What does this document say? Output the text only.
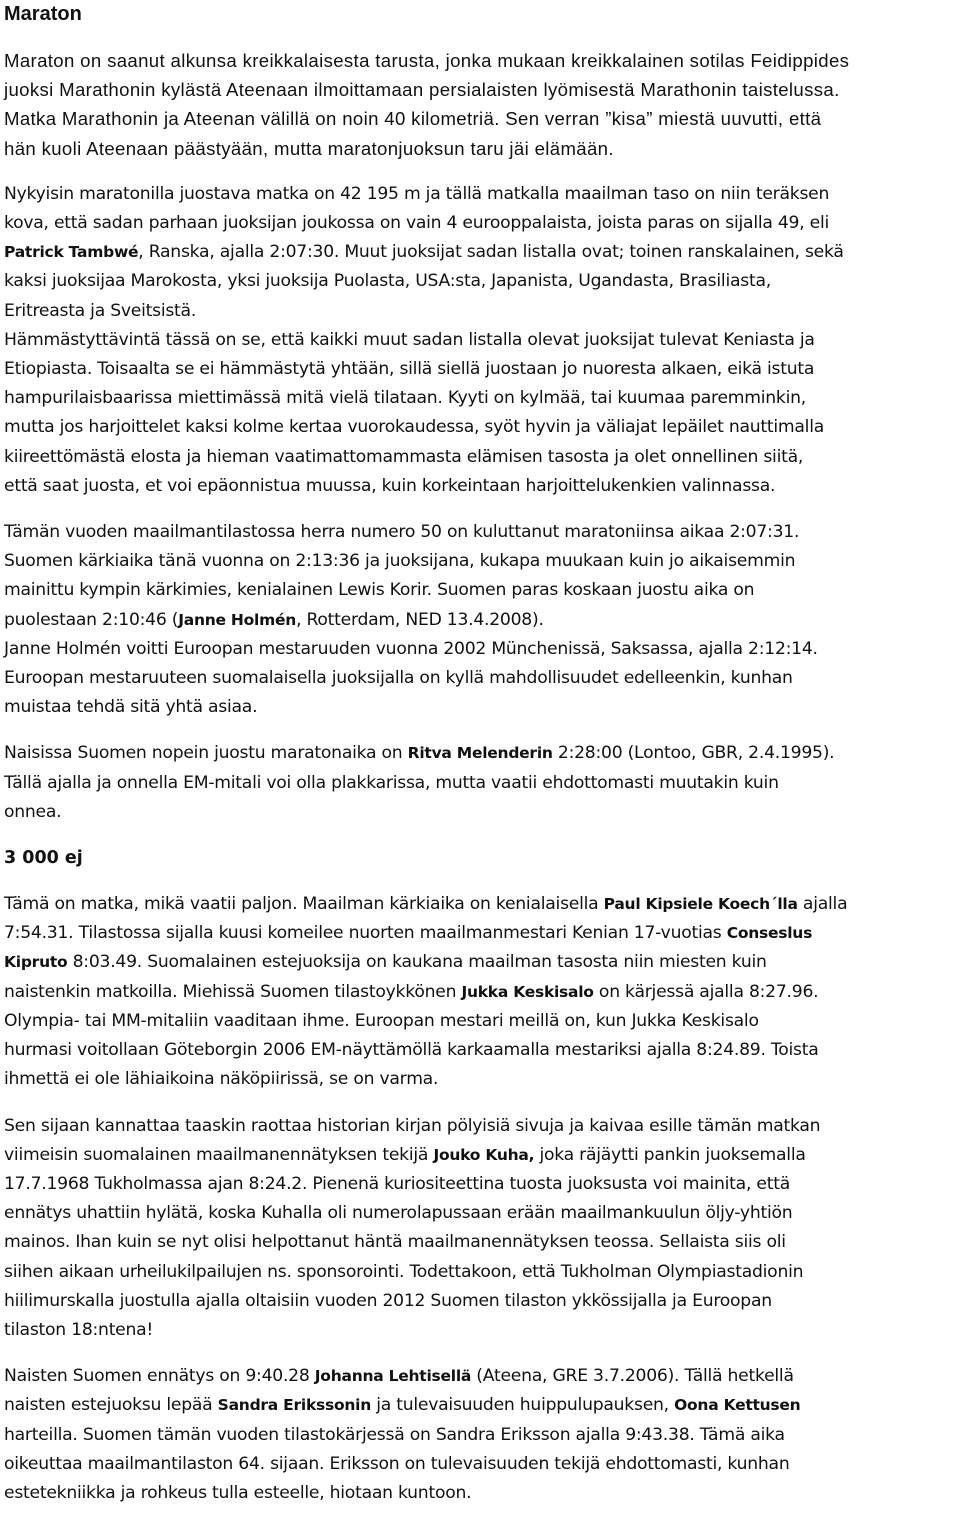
Maraton

Maraton on saanut alkunsa kreikkalaisesta tarusta, jonka mukaan kreikkalainen sotilas Feidippides
juoksi Marathonin kylästä Ateenaan ilmoittamaan persialaisten lyömisestä Marathonin taistelussa.
Matka Marathonin ja Ateenan välillä on noin 40 kilometriä. Sen verran ”kisa” miestä uuvutti, että
hän kuoli Ateenaan päästyään, mutta maratonjuoksun taru jäi elämään.

Nykyisin maratonilla juostava matka on 42 195 m ja tällä matkalla maailman taso on niin teräksen
kova, että sadan parhaan juoksijan joukossa on vain 4 eurooppalaista, joista paras on sijalla 49, eli
Patrick Tambwé, Ranska, ajalla 2:07:30. Muut juoksijat sadan listalla ovat; toinen ranskalainen, sekä
kaksi juoksijaa Marokosta, yksi juoksija Puolasta, USA:sta, Japanista, Ugandasta, Brasiliasta,
Eritreasta ja Sveitsistä.
Hämmästyttävintä tässä on se, että kaikki muut sadan listalla olevat juoksijat tulevat Keniasta ja
Etiopiasta. Toisaalta se ei hämmästytä yhtään, sillä siellä juostaan jo nuoresta alkaen, eikä istuta
hampurilaisbaarissa miettimässä mitä vielä tilataan. Kyyti on kylmää, tai kuumaa paremminkin,
mutta jos harjoittelet kaksi kolme kertaa vuorokaudessa, syöt hyvin ja väliajat lepäilet nauttimalla
kiireettömästä elosta ja hieman vaatimattomammasta elämisen tasosta ja olet onnellinen siitä,
että saat juosta, et voi epäonnistua muussa, kuin korkeintaan harjoittelukenkien valinnassa.

Tämän vuoden maailmantilastossa herra numero 50 on kuluttanut maratoniinsa aikaa 2:07:31.
Suomen kärkiaika tänä vuonna on 2:13:36 ja juoksijana, kukapa muukaan kuin jo aikaisemmin
mainittu kympin kärkimies, kenialainen Lewis Korir. Suomen paras koskaan juostu aika on
puolestaan 2:10:46 (Janne Holmén, Rotterdam, NED 13.4.2008).
Janne Holmén voitti Euroopan mestaruuden vuonna 2002 Münchenissä, Saksassa, ajalla 2:12:14.
Euroopan mestaruuteen suomalaisella juoksijalla on kyllä mahdollisuudet edelleenkin, kunhan
muistaa tehdä sitä yhtä asiaa.

Naisissa Suomen nopein juostu maratonaika on Ritva Melenderin 2:28:00 (Lontoo, GBR, 2.4.1995).
Tällä ajalla ja onnella EM-mitali voi olla plakkarissa, mutta vaatii ehdottomasti muutakin kuin
onnea.

3 000 ej

Tämä on matka, mikä vaatii paljon. Maailman kärkiaika on kenialaisella Paul Kipsiele Koech´lla ajalla
7:54.31. Tilastossa sijalla kuusi komeilee nuorten maailmanmestari Kenian 17-vuotias Conseslus
Kipruto 8:03.49. Suomalainen estejuoksija on kaukana maailman tasosta niin miesten kuin
naistenkin matkoilla. Miehissä Suomen tilastoykkönen Jukka Keskisalo on kärjessä ajalla 8:27.96.
Olympia- tai MM-mitaliin vaaditaan ihme. Euroopan mestari meillä on, kun Jukka Keskisalo
hurmasi voitollaan Göteborgin 2006 EM-näyttämöllä karkaamalla mestariksi ajalla 8:24.89. Toista
ihmettä ei ole lähiaikoina näköpiirissä, se on varma.

Sen sijaan kannattaa taaskin raottaa historian kirjan pölyisiä sivuja ja kaivaa esille tämän matkan
viimeisin suomalainen maailmanennätyksen tekijä Jouko Kuha, joka räjäytti pankin juoksemalla
17.7.1968 Tukholmassa ajan 8:24.2. Pienenä kuriositeettina tuosta juoksusta voi mainita, että
ennätys uhattiin hylätä, koska Kuhalla oli numerolapussaan erään maailmankuulun öljy-yhtiön
mainos. Ihan kuin se nyt olisi helpottanut häntä maailmanennätyksen teossa. Sellaista siis oli
siihen aikaan urheilukilpailujen ns. sponsorointi. Todettakoon, että Tukholman Olympiastadionin
hiilimurskalla juostulla ajalla oltaisiin vuoden 2012 Suomen tilaston ykkössijalla ja Euroopan
tilaston 18:ntena!

Naisten Suomen ennätys on 9:40.28 Johanna Lehtisellä (Ateena, GRE 3.7.2006). Tällä hetkellä
naisten estejuoksu lepää Sandra Erikssonin ja tulevaisuuden huippulupauksen, Oona Kettusen
harteilla. Suomen tämän vuoden tilastokärjessä on Sandra Eriksson ajalla 9:43.38. Tämä aika
oikeuttaa maailmantilaston 64. sijaan. Eriksson on tulevaisuuden tekijä ehdottomasti, kunhan
estetekniikka ja rohkeus tulla esteelle, hiotaan kuntoon.
